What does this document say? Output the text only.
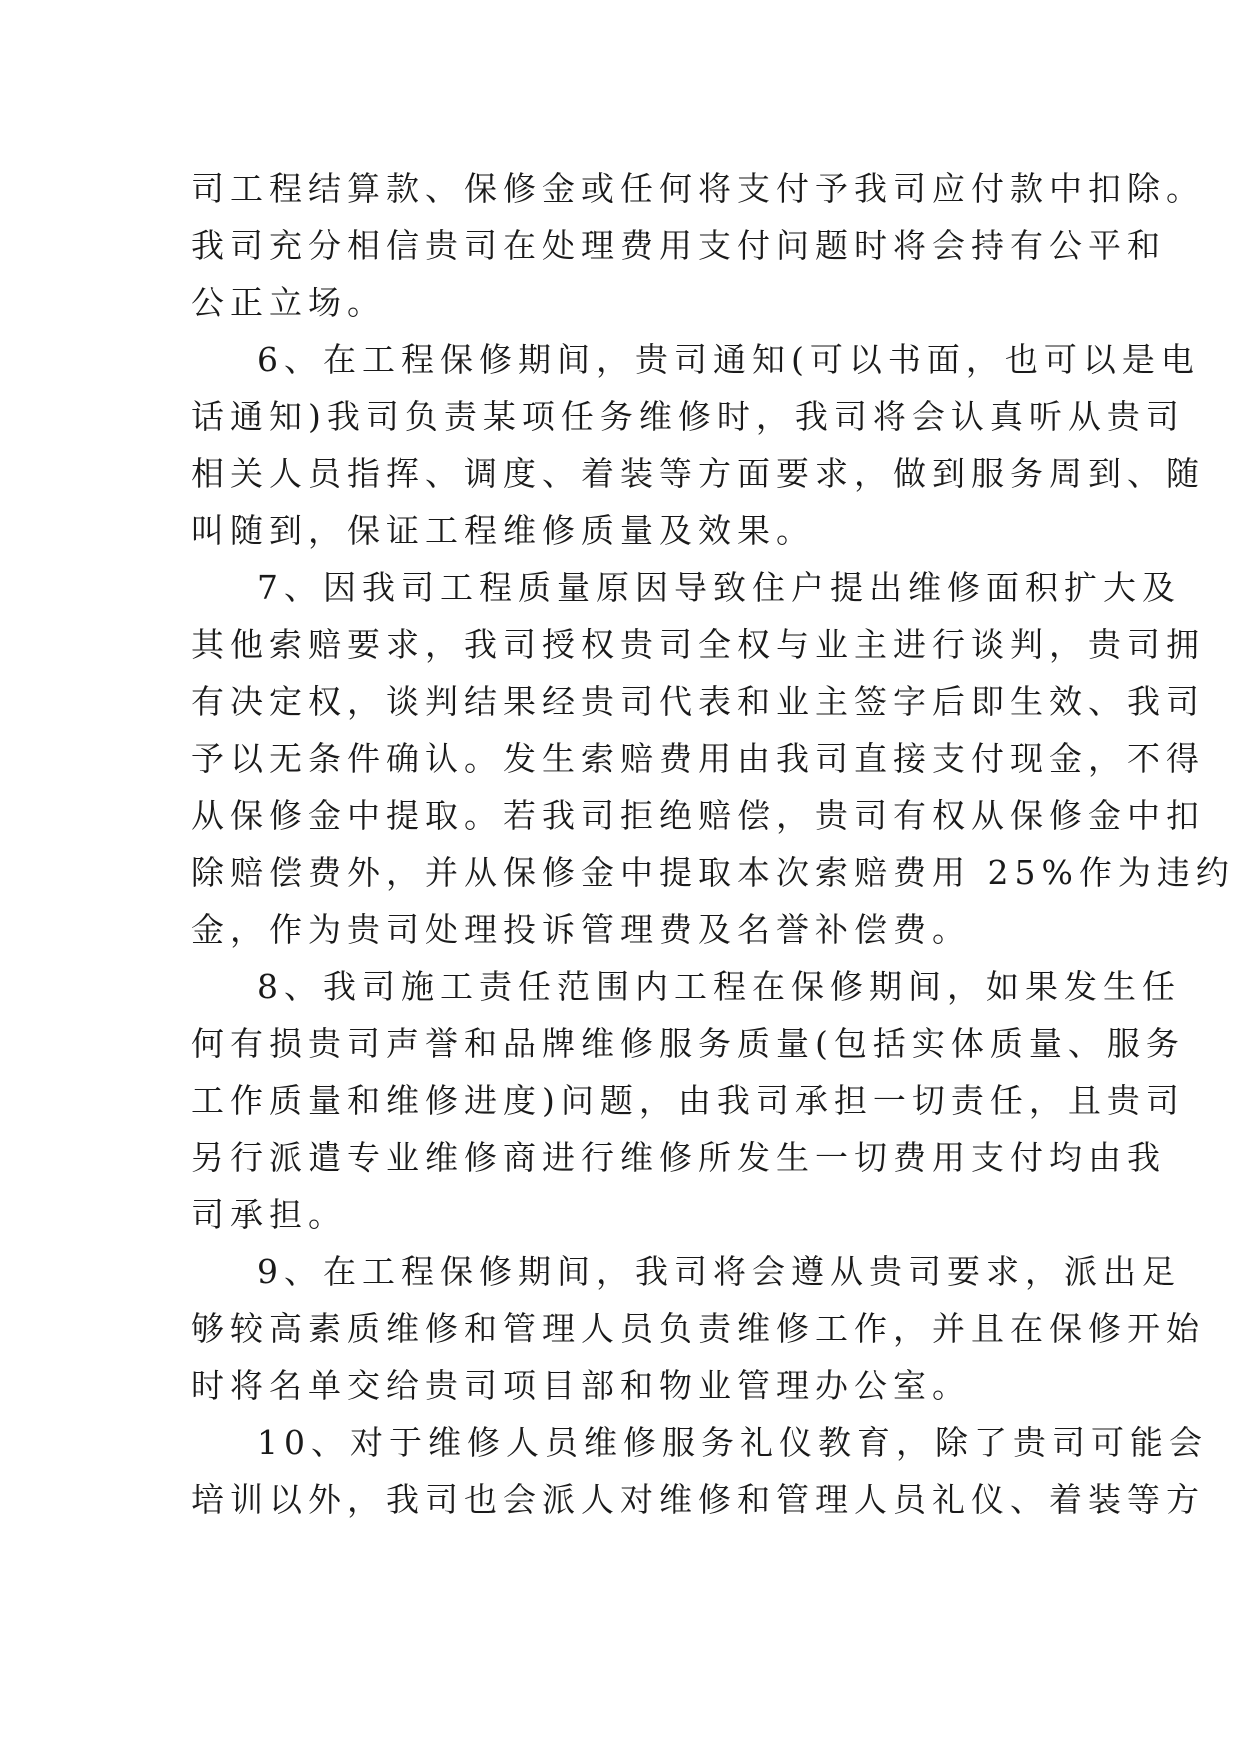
司工程结算款、保修金或任何将支付予我司应付款中扣除。
我司充分相信贵司在处理费用支付问题时将会持有公平和
公正立场。
6、在工程保修期间，贵司通知(可以书面，也可以是电
话通知)我司负责某项任务维修时，我司将会认真听从贵司
相关人员指挥、调度、着装等方面要求，做到服务周到、随
叫随到，保证工程维修质量及效果。
7、因我司工程质量原因导致住户提出维修面积扩大及
其他索赔要求，我司授权贵司全权与业主进行谈判，贵司拥
有决定权，谈判结果经贵司代表和业主签字后即生效、我司
予以无条件确认。发生索赔费用由我司直接支付现金，不得
从保修金中提取。若我司拒绝赔偿，贵司有权从保修金中扣
除赔偿费外，并从保修金中提取本次索赔费用 25%作为违约
金，作为贵司处理投诉管理费及名誉补偿费。
8、我司施工责任范围内工程在保修期间，如果发生任
何有损贵司声誉和品牌维修服务质量(包括实体质量、服务
工作质量和维修进度)问题，由我司承担一切责任，且贵司
另行派遣专业维修商进行维修所发生一切费用支付均由我
司承担。
9、在工程保修期间，我司将会遵从贵司要求，派出足
够较高素质维修和管理人员负责维修工作，并且在保修开始
时将名单交给贵司项目部和物业管理办公室。
10、对于维修人员维修服务礼仪教育，除了贵司可能会
培训以外，我司也会派人对维修和管理人员礼仪、着装等方
